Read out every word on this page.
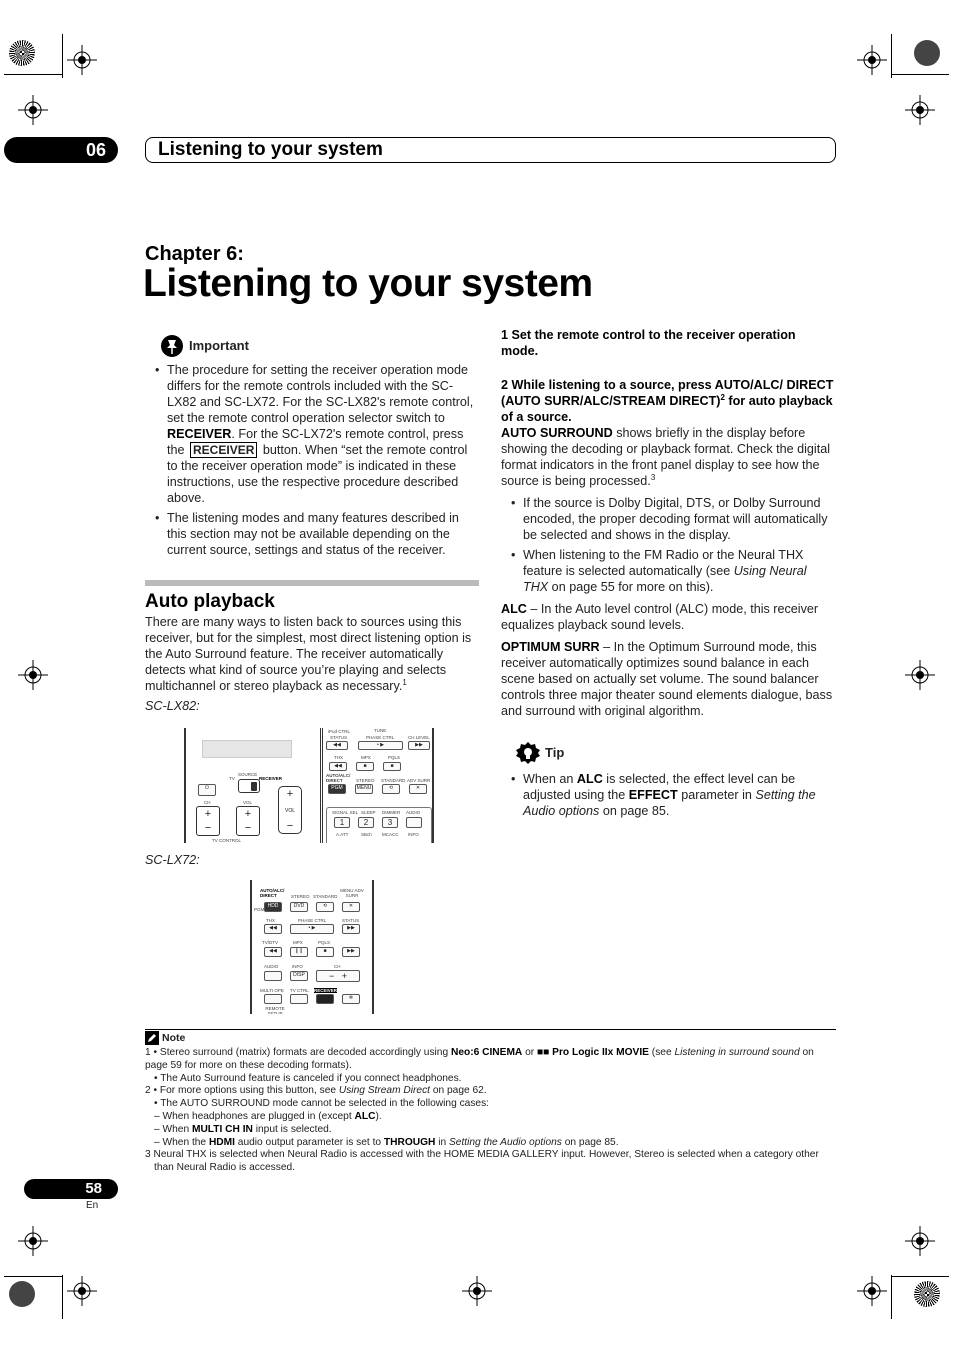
06	Listening to your system
Chapter 6:
Listening to your system
Important
• The procedure for setting the receiver operation mode differs for the remote controls included with the SC-LX82 and SC-LX72. For the SC-LX82's remote control, set the remote control operation selector switch to RECEIVER. For the SC-LX72's remote control, press the RECEIVER button. When “set the remote control to the receiver operation mode” is indicated in these instructions, use the respective procedure described above.
• The listening modes and many features described in this section may not be available depending on the current source, settings and status of the receiver.
Auto playback

There are many ways to listen back to sources using this receiver, but for the simplest, most direct listening option is the Auto Surround feature. The receiver automatically detects what kind of source you’re playing and selects multichannel or stereo playback as necessary.$^1$

SC-LX82:

TUNE
iPod CTRL
STATUS	PHASE CTRL	CH LEVEL
◀◀	• ▶	▶▶
THX	MPX	PQLS
◀◀	■	■
AUTO/ALC/ DIRECT	STEREO STANDARD ADV SURR
PGM	MENU	⟲	✕
SIGNAL SEL SLEEP DIMMER AUDIO
1	2	3
A.ATT	SBch MCACC INFO
TV
SOURCE
RECEIVER
⏻
CH	VOL
+
−
+
−
+
VOL
−
TV CONTROL

SC-LX72:

AUTO/ALC/ DIRECT	STEREO STANDARD
MENU ADV SURR
PGM
HDD	DVD	⟲	✕
THX	PHASE CTRL	STATUS
◀◀	• ▶	▶▶
TV/DTV	MPX	PQLS
◀◀	❙❙	■	▶▶
AUDIO	INFO	CH
DISP	−   +
MULTI OPE TV CTRL RECEIVER
✲
REMOTE SETUP

1 Set the remote control to the receiver operation mode.

2 While listening to a source, press AUTO/ALC/ DIRECT (AUTO SURR/ALC/STREAM DIRECT)$^2$ for auto playback of a source.

AUTO SURROUND shows briefly in the display before showing the decoding or playback format. Check the digital format indicators in the front panel display to see how the source is being processed.$^3$

• If the source is Dolby Digital, DTS, or Dolby Surround encoded, the proper decoding format will automatically be selected and shows in the display.
• When listening to the FM Radio or the Neural THX feature is selected automatically (see Using Neural THX on page 55 for more on this).

ALC – In the Auto level control (ALC) mode, this receiver equalizes playback sound levels.

OPTIMUM SURR – In the Optimum Surround mode, this receiver automatically optimizes sound balance in each scene based on actually set volume. The sound balancer controls three major theater sound elements dialogue, bass and surround with original algorithm.

Tip
• When an ALC is selected, the effect level can be adjusted using the EFFECT parameter in Setting the Audio options on page 85.
Note
1 • Stereo surround (matrix) formats are decoded accordingly using Neo:6 CINEMA or ■■ Pro Logic IIx MOVIE (see Listening in surround sound on page 59 for more on these decoding formats).
• The Auto Surround feature is canceled if you connect headphones.
2 • For more options using this button, see Using Stream Direct on page 62.
• The AUTO SURROUND mode cannot be selected in the following cases:
– When headphones are plugged in (except ALC).
– When MULTI CH IN input is selected.
– When the HDMI audio output parameter is set to THROUGH in Setting the Audio options on page 85.
3 Neural THX is selected when Neural Radio is accessed with the HOME MEDIA GALLERY input. However, Stereo is selected when a category other than Neural Radio is accessed.
58
En
